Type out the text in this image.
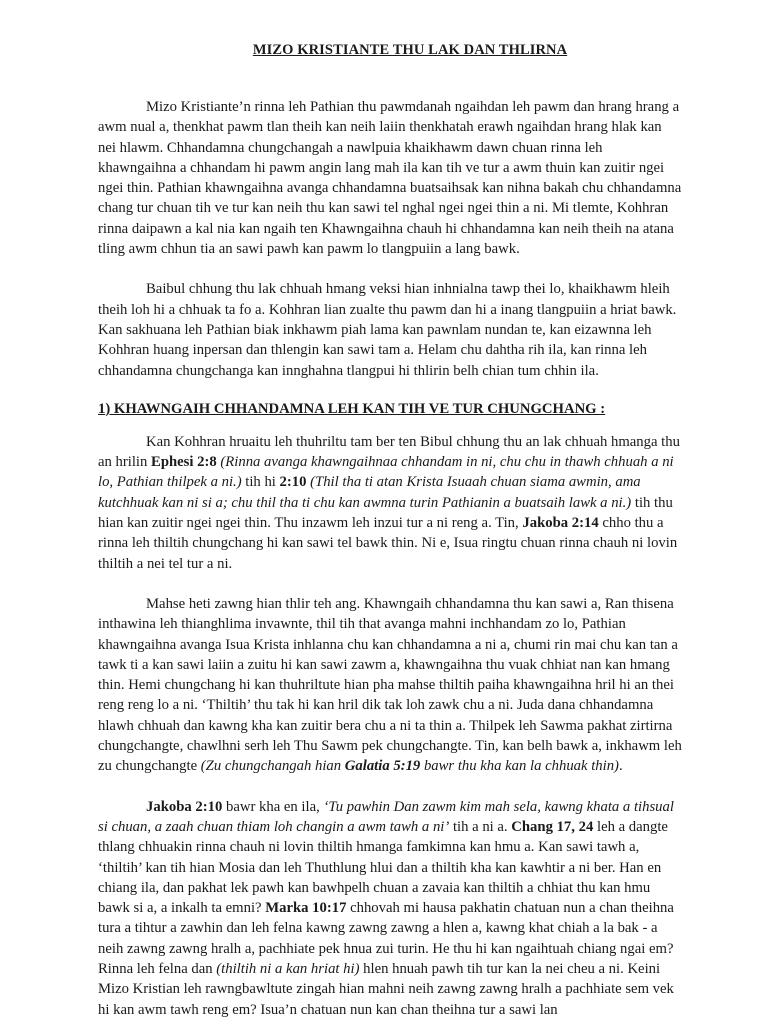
MIZO KRISTIANTE THU LAK DAN THLIRNA

Mizo Kristiante’n rinna leh Pathian thu pawmdanah ngaihdan leh pawm dan hrang hrang a awm nual a, thenkhat pawm tlan theih kan neih laiin thenkhatah erawh ngaihdan hrang hlak kan nei hlawm. Chhandamna chungchangah a nawlpuia khaikhawm dawn chuan rinna leh khawngaihna a chhandam hi pawm angin lang mah ila kan tih ve tur a awm thuin kan zuitir ngei ngei thin. Pathian khawngaihna avanga chhandamna buatsaihsak kan nihna bakah chu chhandamna chang tur chuan tih ve tur kan neih thu kan sawi tel nghal ngei ngei thin a ni. Mi tlemte, Kohhran rinna daipawn a kal nia kan ngaih ten Khawngaihna chauh hi chhandamna kan neih theih na atana tling awm chhun tia an sawi pawh kan pawm lo tlangpuiin a lang bawk.

Baibul chhung thu lak chhuah hmang veksi hian inhnialna tawp thei lo, khaikhawm hleih theih loh hi a chhuak ta fo a. Kohhran lian zualte thu pawm dan hi a inang tlangpuiin a hriat bawk. Kan sakhuana leh Pathian biak inkhawm piah lama kan pawnlam nundan te, kan eizawnna leh Kohhran huang inpersan dan thlengin kan sawi tam a. Helam chu dahtha rih ila, kan rinna leh chhandamna chungchanga kan innghahna tlangpui hi thlirin belh chian tum chhin ila.

1) KHAWNGAIH CHHANDAMNA LEH KAN TIH VE TUR CHUNGCHANG :

Kan Kohhran hruaitu leh thuhriltu tam ber ten Bibul chhung thu an lak chhuah hmanga thu an hrilin Ephesi 2:8 (Rinna avanga khawngaihnaa chhandam in ni, chu chu in thawh chhuah a ni lo, Pathian thilpek a ni.) tih hi 2:10 (Thil tha ti atan Krista Isuaah chuan siama awmin, ama kutchhuak kan ni si a; chu thil tha ti chu kan awmna turin Pathianin a buatsaih lawk a ni.) tih thu hian kan zuitir ngei ngei thin. Thu inzawm leh inzui tur a ni reng a. Tin, Jakoba 2:14 chho thu a rinna leh thiltih chungchang hi kan sawi tel bawk thin. Ni e, Isua ringtu chuan rinna chauh ni lovin thiltih a nei tel tur a ni.

Mahse heti zawng hian thlir teh ang. Khawngaih chhandamna thu kan sawi a, Ran thisena inthawina leh thianghlima invawnte, thil tih that avanga mahni inchhandam zo lo, Pathian khawngaihna avanga Isua Krista inhlanna chu kan chhandamna a ni a, chumi rin mai chu kan tan a tawk ti a kan sawi laiin a zuitu hi kan sawi zawm a, khawngaihna thu vuak chhiat nan kan hmang thin. Hemi chungchang hi kan thuhriltute hian pha mahse thiltih paiha khawngaihna hril hi an thei reng reng lo a ni. ‘Thiltih’ thu tak hi kan hril dik tak loh zawk chu a ni. Juda dana chhandamna hlawh chhuah dan kawng kha kan zuitir bera chu a ni ta thin a. Thilpek leh Sawma pakhat zirtirna chungchangte, chawlhni serh leh Thu Sawm pek chungchangte. Tin, kan belh bawk a, inkhawm leh zu chungchangte (Zu chungchangah hian Galatia 5:19 bawr thu kha kan la chhuak thin).

Jakoba 2:10 bawr kha en ila, ‘Tu pawhin Dan zawm kim mah sela, kawng khata a tihsual si chuan, a zaah chuan thiam loh changin a awm tawh a ni’ tih a ni a. Chang 17, 24 leh a dangte thlang chhuakin rinna chauh ni lovin thiltih hmanga famkimna kan hmu a. Kan sawi tawh a, ‘thiltih’ kan tih hian Mosia dan leh Thuthlung hlui dan a thiltih kha kan kawhtir a ni ber. Han en chiang ila, dan pakhat lek pawh kan bawhpelh chuan a zavaia kan thiltih a chhiat thu kan hmu bawk si a, a inkalh ta emni? Marka 10:17 chhovah mi hausa pakhatin chatuan nun a chan theihna tura a tihtur a zawhin dan leh felna kawng zawng zawng a hlen a, kawng khat chiah a la bak - a neih zawng zawng hralh a, pachhiate pek hnua zui turin. He thu hi kan ngaihtuah chiang ngai em? Rinna leh felna dan (thiltih ni a kan hriat hi) hlen hnuah pawh tih tur kan la nei cheu a ni. Keini Mizo Kristian leh rawngbawltute zingah hian mahni neih zawng zawng hralh a pachhiate sem vek hi kan awm tawh reng em? Isua’n chatuan nun kan chan theihna tur a sawi lan
